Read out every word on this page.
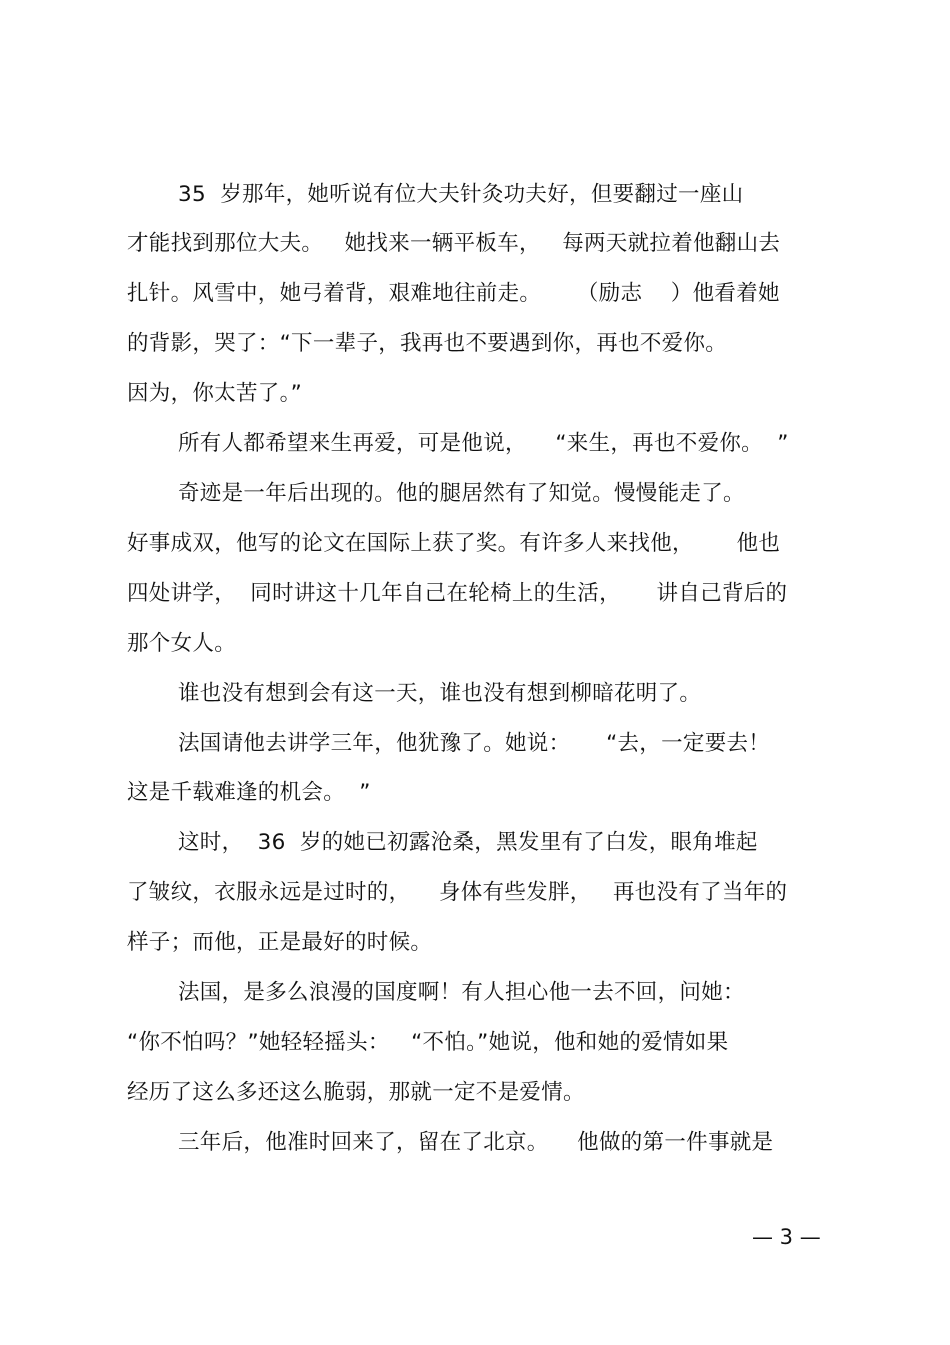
35  岁那年，她听说有位大夫针灸功夫好，但要翻过一座山
才能找到那位大夫。   她找来一辆平板车，   每两天就拉着他翻山去
扎针。风雪中，她弓着背，艰难地往前走。     （励志    ）他看着她
的背影，哭了：“下一辈子，我再也不要遇到你，再也不爱你。
因为，你太苦了。”
所有人都希望来生再爱，可是他说，    “来生，再也不爱你。  ”
奇迹是一年后出现的。他的腿居然有了知觉。慢慢能走了。
好事成双，他写的论文在国际上获了奖。有许多人来找他，      他也
四处讲学，  同时讲这十几年自己在轮椅上的生活，     讲自己背后的
那个女人。
谁也没有想到会有这一天，谁也没有想到柳暗花明了。
法国请他去讲学三年，他犹豫了。她说：     “去，一定要去！
这是千载难逢的机会。  ”
这时，  36  岁的她已初露沧桑，黑发里有了白发，眼角堆起
了皱纹，衣服永远是过时的，    身体有些发胖，   再也没有了当年的
样子；而他，正是最好的时候。
法国，是多么浪漫的国度啊！有人担心他一去不回，问她：
“你不怕吗？”她轻轻摇头：   “不怕。”她说，他和她的爱情如果
经历了这么多还这么脆弱，那就一定不是爱情。
三年后，他准时回来了，留在了北京。    他做的第一件事就是
— 3 —
